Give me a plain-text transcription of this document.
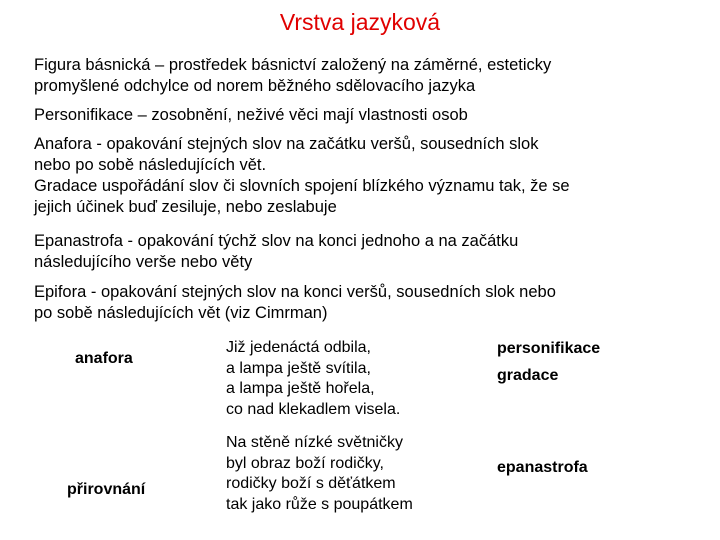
Vrstva jazyková
Figura básnická – prostředek básnictví založený na záměrné, esteticky
promyšlené odchylce od norem běžného sdělovacího jazyka
Personifikace – zosobnění, neživé věci mají vlastnosti osob
Anafora - opakování stejných slov na začátku veršů, sousedních slok
nebo po sobě následujících vět.
Gradace uspořádání slov či slovních spojení blízkého významu tak, že se
jejich účinek buď zesiluje, nebo zeslabuje
Epanastrofa - opakování týchž slov na konci jednoho a na začátku
následujícího verše nebo věty
Epifora - opakování stejných slov na konci veršů, sousedních slok nebo
po sobě následujících vět (viz Cimrman)
anafora
přirovnání
Již jedenáctá odbila,
a lampa ještě svítila,
a lampa ještě hořela,
co nad klekadlem visela.
Na stěně nízké světničky
byl obraz boží rodičky,
rodičky boží s děťátkem
tak jako růže s poupátkem
personifikace
gradace
epanastrofa
